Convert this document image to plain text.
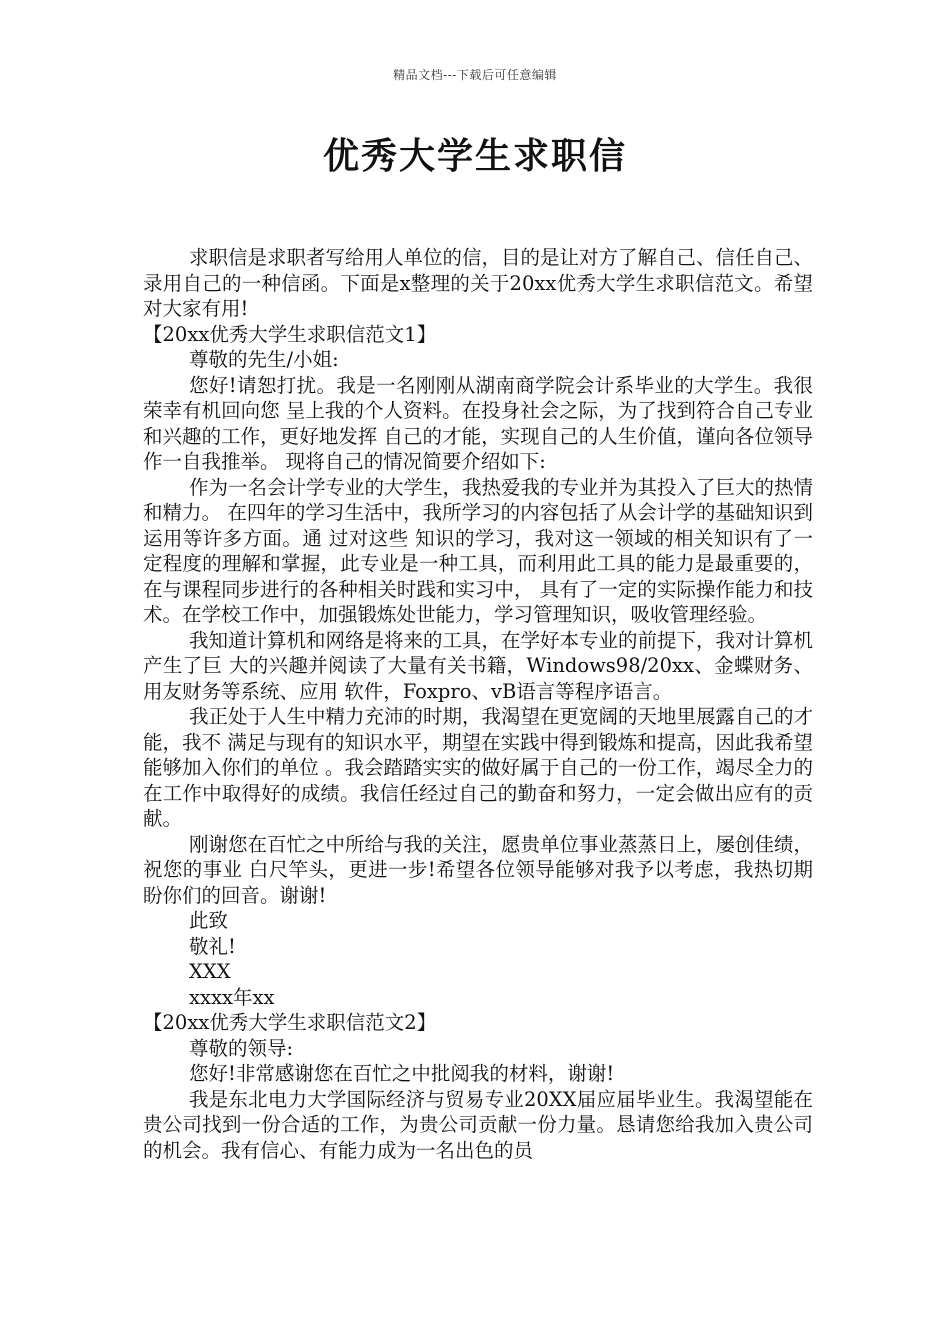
精品文档---下载后可任意编辑
优秀大学生求职信

求职信是求职者写给用人单位的信，目的是让对方了解自己、信任自己、录用自己的一种信函。下面是x整理的关于20xx优秀大学生求职信范文。希望对大家有用!

【20xx优秀大学生求职信范文1】

尊敬的先生/小姐:

您好!请恕打扰。我是一名刚刚从湖南商学院会计系毕业的大学生。我很荣幸有机回向您 呈上我的个人资料。在投身社会之际，为了找到符合自己专业和兴趣的工作，更好地发挥 自己的才能，实现自己的人生价值，谨向各位领导作一自我推举。 现将自己的情况简要介绍如下:

作为一名会计学专业的大学生，我热爱我的专业并为其投入了巨大的热情和精力。 在四年的学习生活中，我所学习的内容包括了从会计学的基础知识到运用等许多方面。通 过对这些 知识的学习，我对这一领域的相关知识有了一定程度的理解和掌握，此专业是一种工具，而利用此工具的能力是最重要的，在与课程同步进行的各种相关时践和实习中， 具有了一定的实际操作能力和技术。在学校工作中，加强锻炼处世能力，学习管理知识，吸收管理经验。

我知道计算机和网络是将来的工具，在学好本专业的前提下，我对计算机产生了巨 大的兴趣并阅读了大量有关书籍，Windows98/20xx、金蝶财务、用友财务等系统、应用 软件，Foxpro、vB语言等程序语言。

我正处于人生中精力充沛的时期，我渴望在更宽阔的天地里展露自己的才能，我不 满足与现有的知识水平，期望在实践中得到锻炼和提高，因此我希望能够加入你们的单位 。我会踏踏实实的做好属于自己的一份工作，竭尽全力的在工作中取得好的成绩。我信任经过自己的勤奋和努力，一定会做出应有的贡献。

刚谢您在百忙之中所给与我的关注，愿贵单位事业蒸蒸日上，屡创佳绩，祝您的事业 白尺竿头，更进一步!希望各位领导能够对我予以考虑，我热切期盼你们的回音。谢谢!

此致

敬礼!

XXX

xxxx年xx

【20xx优秀大学生求职信范文2】

尊敬的领导:

您好!非常感谢您在百忙之中批阅我的材料，谢谢!

我是东北电力大学国际经济与贸易专业20XX届应届毕业生。我渴望能在贵公司找到一份合适的工作，为贵公司贡献一份力量。恳请您给我加入贵公司的机会。我有信心、有能力成为一名出色的员
